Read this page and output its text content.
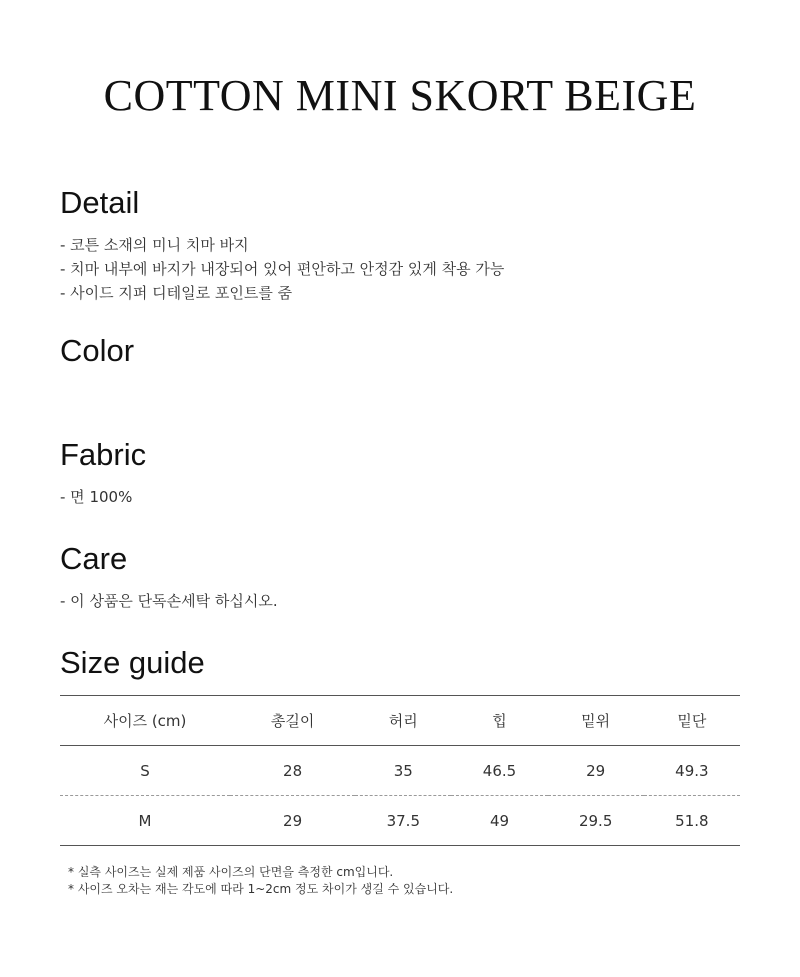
COTTON MINI SKORT BEIGE
Detail
- 코튼 소재의 미니 치마 바지
- 치마 내부에 바지가 내장되어 있어 편안하고 안정감 있게 착용 가능
- 사이드 지퍼 디테일로 포인트를 줌
Color
Fabric
- 면 100%
Care
- 이 상품은 단독손세탁 하십시오.
Size guide
사이즈 (cm)	총길이	허리	힙	밑위	밑단
S	28	35	46.5	29	49.3
M	29	37.5	49	29.5	51.8
* 실측 사이즈는 실제 제품 사이즈의 단면을 측정한 cm입니다.
* 사이즈 오차는 재는 각도에 따라 1~2cm 정도 차이가 생길 수 있습니다.
